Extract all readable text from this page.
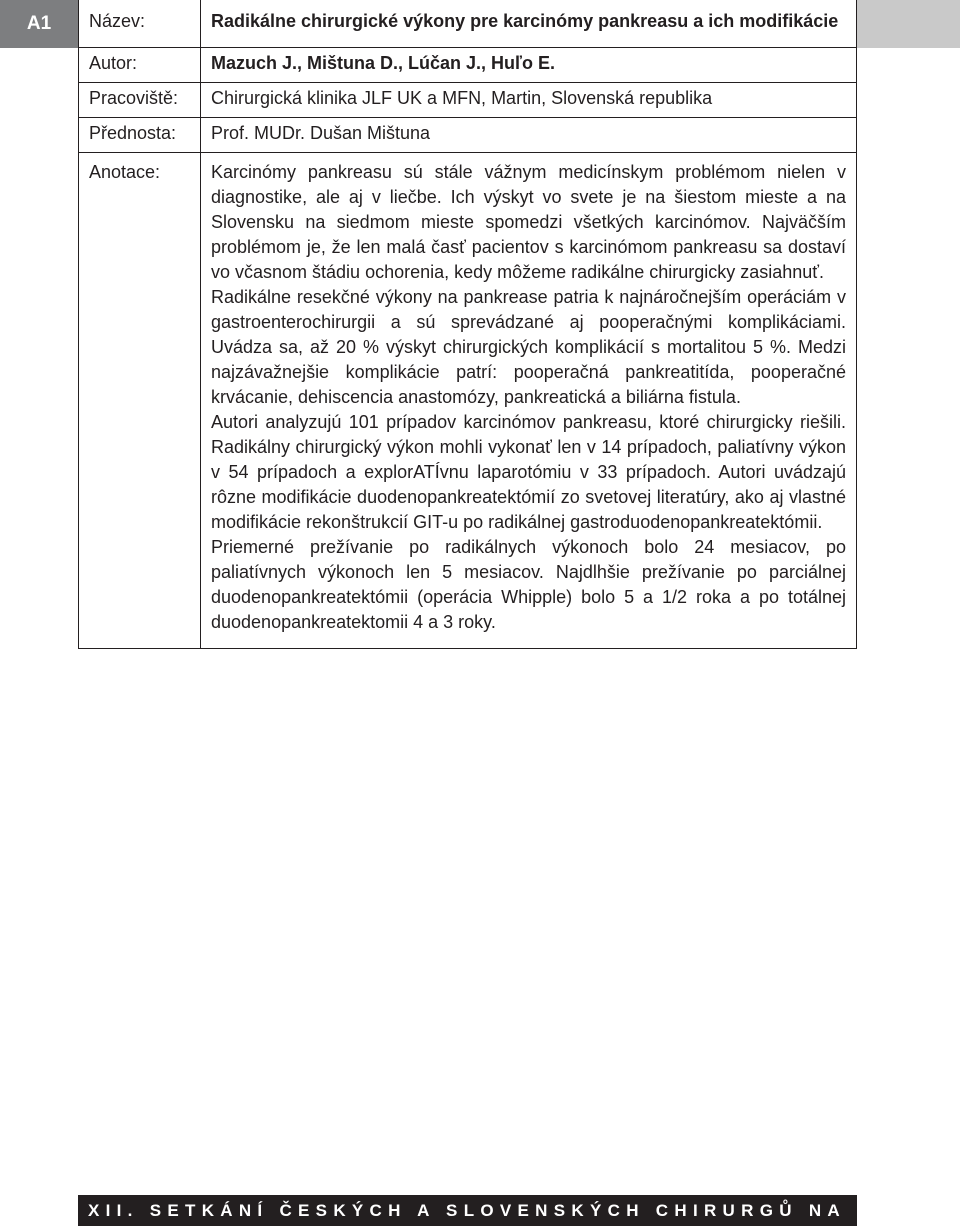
A1	Název:	Radikálne chirurgické výkony pre karcinómy pankreasu a ich modifikácie
Autor:	Mazuch J., Mištuna D., Lúčan J., Huľo E.
Pracoviště:	Chirurgická klinika JLF UK a MFN, Martin, Slovenská republika
Přednosta:	Prof. MUDr. Dušan Mištuna
Anotace:	Karcinómy pankreasu sú stále vážnym medicínskym problémom nielen v diagnostike, ale aj v liečbe. Ich výskyt vo svete je na šiestom mieste a na Slovensku na siedmom mieste spomedzi všetkých karcinómov. Najväčším problémom je, že len malá časť pacientov s karcinómom pankreasu sa dostaví vo včasnom štádiu ochorenia, kedy môžeme radikálne chirurgicky zasiahnuť.

Radikálne resekčné výkony na pankrease patria k najnáročnejším operáciám v gastroenterochirurgii a sú sprevádzané aj pooperačnými komplikáciami. Uvádza sa, až 20 % výskyt chirurgických komplikácií s mortalitou 5 %. Medzi najzávažnejšie komplikácie patrí: pooperačná pankreatitída, pooperačné krvácanie, dehiscencia anastomózy, pankreatická a biliárna fistula.

Autori analyzujú 101 prípadov karcinómov pankreasu, ktoré chirurgicky riešili. Radikálny chirurgický výkon mohli vykonať len v 14 prípadoch, paliatívny výkon v 54 prípadoch a explorATÍvnu laparotómiu v 33 prípadoch. Autori uvádzajú rôzne modifikácie duodenopankreatektómií zo svetovej literatúry, ako aj vlastné modifikácie rekonštrukcií GIT-u po radikálnej gastroduodenopankreatektómii.

Priemerné prežívanie po radikálnych výkonoch bolo 24 mesiacov, po paliatívnych výkonoch len 5 mesiacov. Najdlhšie prežívanie po parciálnej duodenopankreatektómii (operácia Whipple) bolo 5 a 1/2 roka a po totálnej duodenopankreatektomii 4 a 3 roky.

XII. SETKÁNÍ ČESKÝCH A SLOVENSKÝCH CHIRURGŮ NA MORAVĚ
